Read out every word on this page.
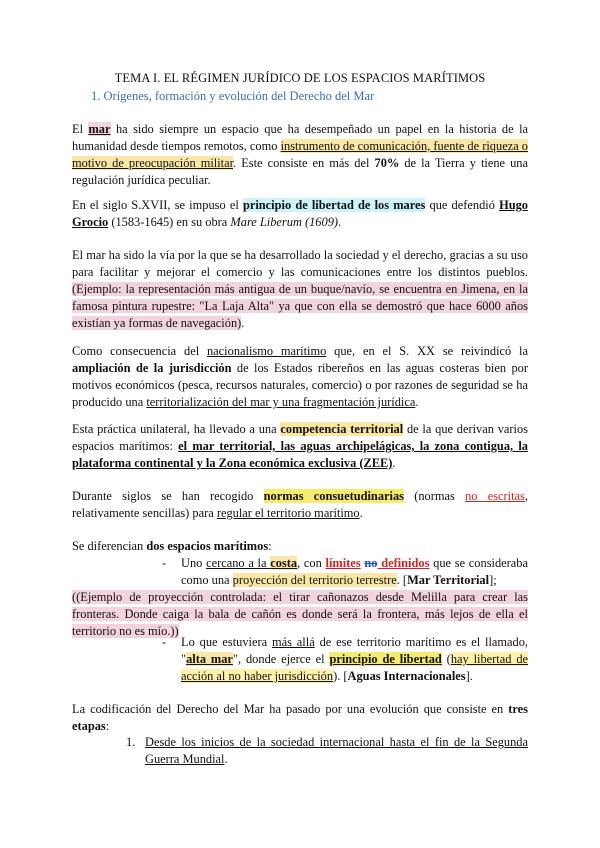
TEMA I. EL RÉGIMEN JURÍDICO DE LOS ESPACIOS MARÍTIMOS
1. Orígenes, formación y evolución del Derecho del Mar
El mar ha sido siempre un espacio que ha desempeñado un papel en la historia de la humanidad desde tiempos remotos, como instrumento de comunicación, fuente de riqueza o motivo de preocupación militar. Este consiste en más del 70% de la Tierra y tiene una regulación jurídica peculiar.
En el siglo S.XVII, se impuso el principio de libertad de los mares que defendió Hugo Grocio (1583-1645) en su obra Mare Liberum (1609).
El mar ha sido la vía por la que se ha desarrollado la sociedad y el derecho, gracias a su uso para facilitar y mejorar el comercio y las comunicaciones entre los distintos pueblos. (Ejemplo: la representación más antigua de un buque/navío, se encuentra en Jimena, en la famosa pintura rupestre: "La Laja Alta" ya que con ella se demostró que hace 6000 años existían ya formas de navegación).
Como consecuencia del nacionalismo marítimo que, en el S. XX se reivindicó la ampliación de la jurisdicción de los Estados ribereños en las aguas costeras bien por motivos económicos (pesca, recursos naturales, comercio) o por razones de seguridad se ha producido una territorialización del mar y una fragmentación jurídica.
Esta práctica unilateral, ha llevado a una competencia territorial de la que derivan varios espacios marítimos: el mar territorial, las aguas archipelágicas, la zona contigua, la plataforma continental y la Zona económica exclusiva (ZEE).
Durante siglos se han recogido normas consuetudinarias (normas no escritas, relativamente sencillas) para regular el territorio marítimo.
Se diferencian dos espacios marítimos:
- Uno cercano a la costa, con límites no definidos que se consideraba como una proyección del territorio terrestre. [Mar Territorial];
((Ejemplo de proyección controlada: el tirar cañonazos desde Melilla para crear las fronteras. Donde caiga la bala de cañón es donde será la frontera, más lejos de ella el territorio no es mío.))
- Lo que estuviera más allá de ese territorio marítimo es el llamado, "alta mar", donde ejerce el principio de libertad (hay libertad de acción al no haber jurisdicción). [Aguas Internacionales].
La codificación del Derecho del Mar ha pasado por una evolución que consiste en tres etapas:
1. Desde los inicios de la sociedad internacional hasta el fin de la Segunda Guerra Mundial.
